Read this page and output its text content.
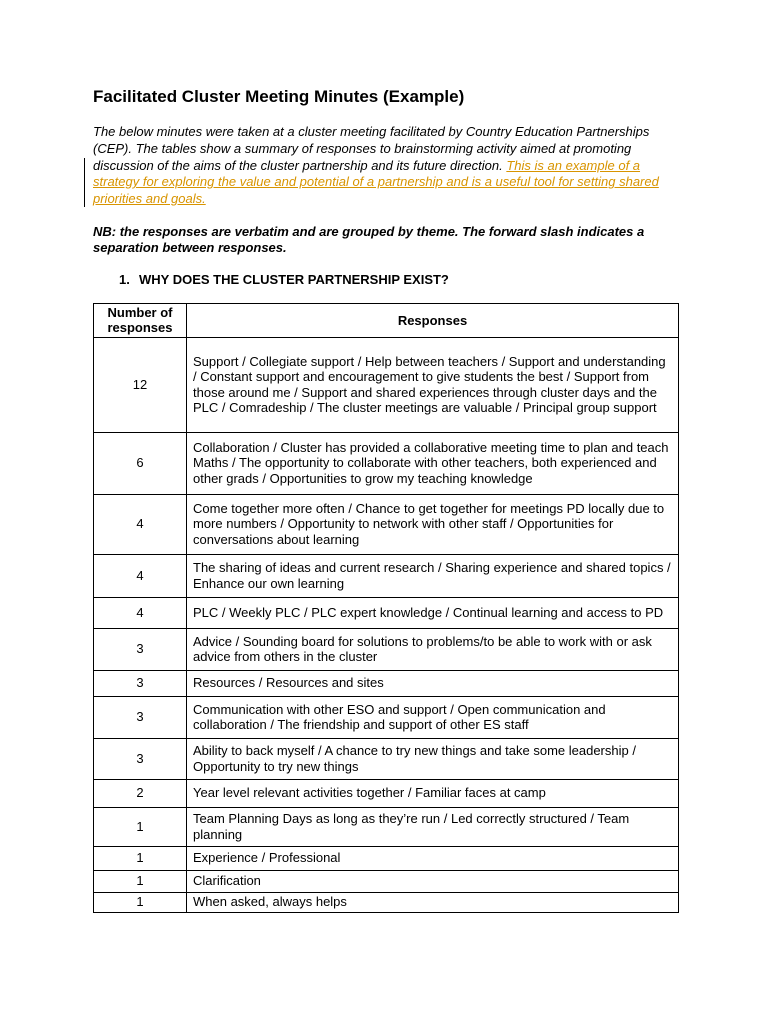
Facilitated Cluster Meeting Minutes (Example)

The below minutes were taken at a cluster meeting facilitated by Country Education Partnerships (CEP). The tables show a summary of responses to brainstorming activity aimed at promoting discussion of the aims of the cluster partnership and its future direction. This is an example of a strategy for exploring the value and potential of a partnership and is a useful tool for setting shared priorities and goals.

NB: the responses are verbatim and are grouped by theme. The forward slash indicates a separation between responses.

1. WHY DOES THE CLUSTER PARTNERSHIP EXIST?
Number of responses	Responses
12	Support / Collegiate support / Help between teachers / Support and understanding / Constant support and encouragement to give students the best / Support from those around me / Support and shared experiences through cluster days and the PLC / Comradeship / The cluster meetings are valuable / Principal group support
6	Collaboration / Cluster has provided a collaborative meeting time to plan and teach Maths / The opportunity to collaborate with other teachers, both experienced and other grads / Opportunities to grow my teaching knowledge
4	Come together more often / Chance to get together for meetings PD locally due to more numbers / Opportunity to network with other staff / Opportunities for conversations about learning
4	The sharing of ideas and current research / Sharing experience and shared topics / Enhance our own learning
4	PLC / Weekly PLC / PLC expert knowledge / Continual learning and access to PD
3	Advice / Sounding board for solutions to problems/to be able to work with or ask advice from others in the cluster
3	Resources / Resources and sites
3	Communication with other ESO and support / Open communication and collaboration / The friendship and support of other ES staff
3	Ability to back myself / A chance to try new things and take some leadership / Opportunity to try new things
2	Year level relevant activities together / Familiar faces at camp
1	Team Planning Days as long as they’re run / Led correctly structured / Team planning
1	Experience / Professional
1	Clarification
1	When asked, always helps
